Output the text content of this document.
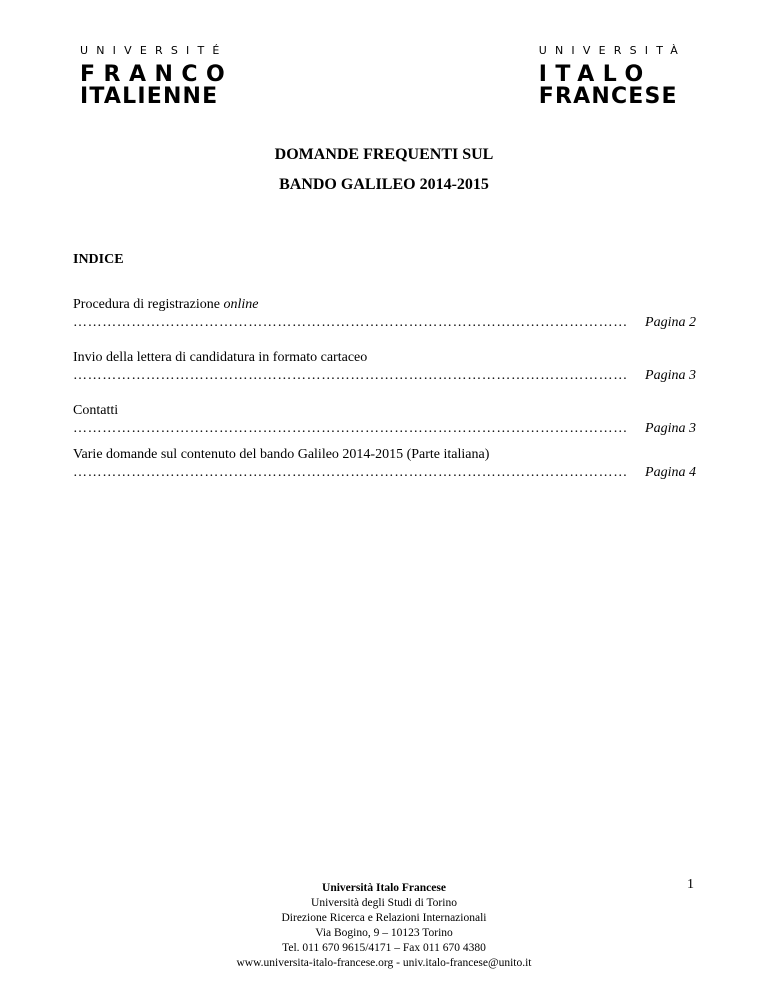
UNIVERSITÉ
FRANCO
ITALIENNE
UNIVERSITÀ
ITALO
FRANCESE
DOMANDE FREQUENTI SUL
BANDO GALILEO 2014-2015
INDICE
Procedura di registrazione online
……………………………………………………………………………………………………	Pagina 2
Invio della lettera di candidatura in formato cartaceo
……………………………………………………………………………………………………	Pagina 3
Contatti
……………………………………………………………………………………………………	Pagina 3
Varie domande sul contenuto del bando Galileo 2014-2015 (Parte italiana)
……………………………………………………………………………………………………	Pagina 4
Università Italo Francese
Università degli Studi di Torino
Direzione Ricerca e Relazioni Internazionali
Via Bogino, 9 – 10123 Torino
Tel. 011 670 9615/4171 – Fax 011 670 4380
www.universita-italo-francese.org - univ.italo-francese@unito.it
1
